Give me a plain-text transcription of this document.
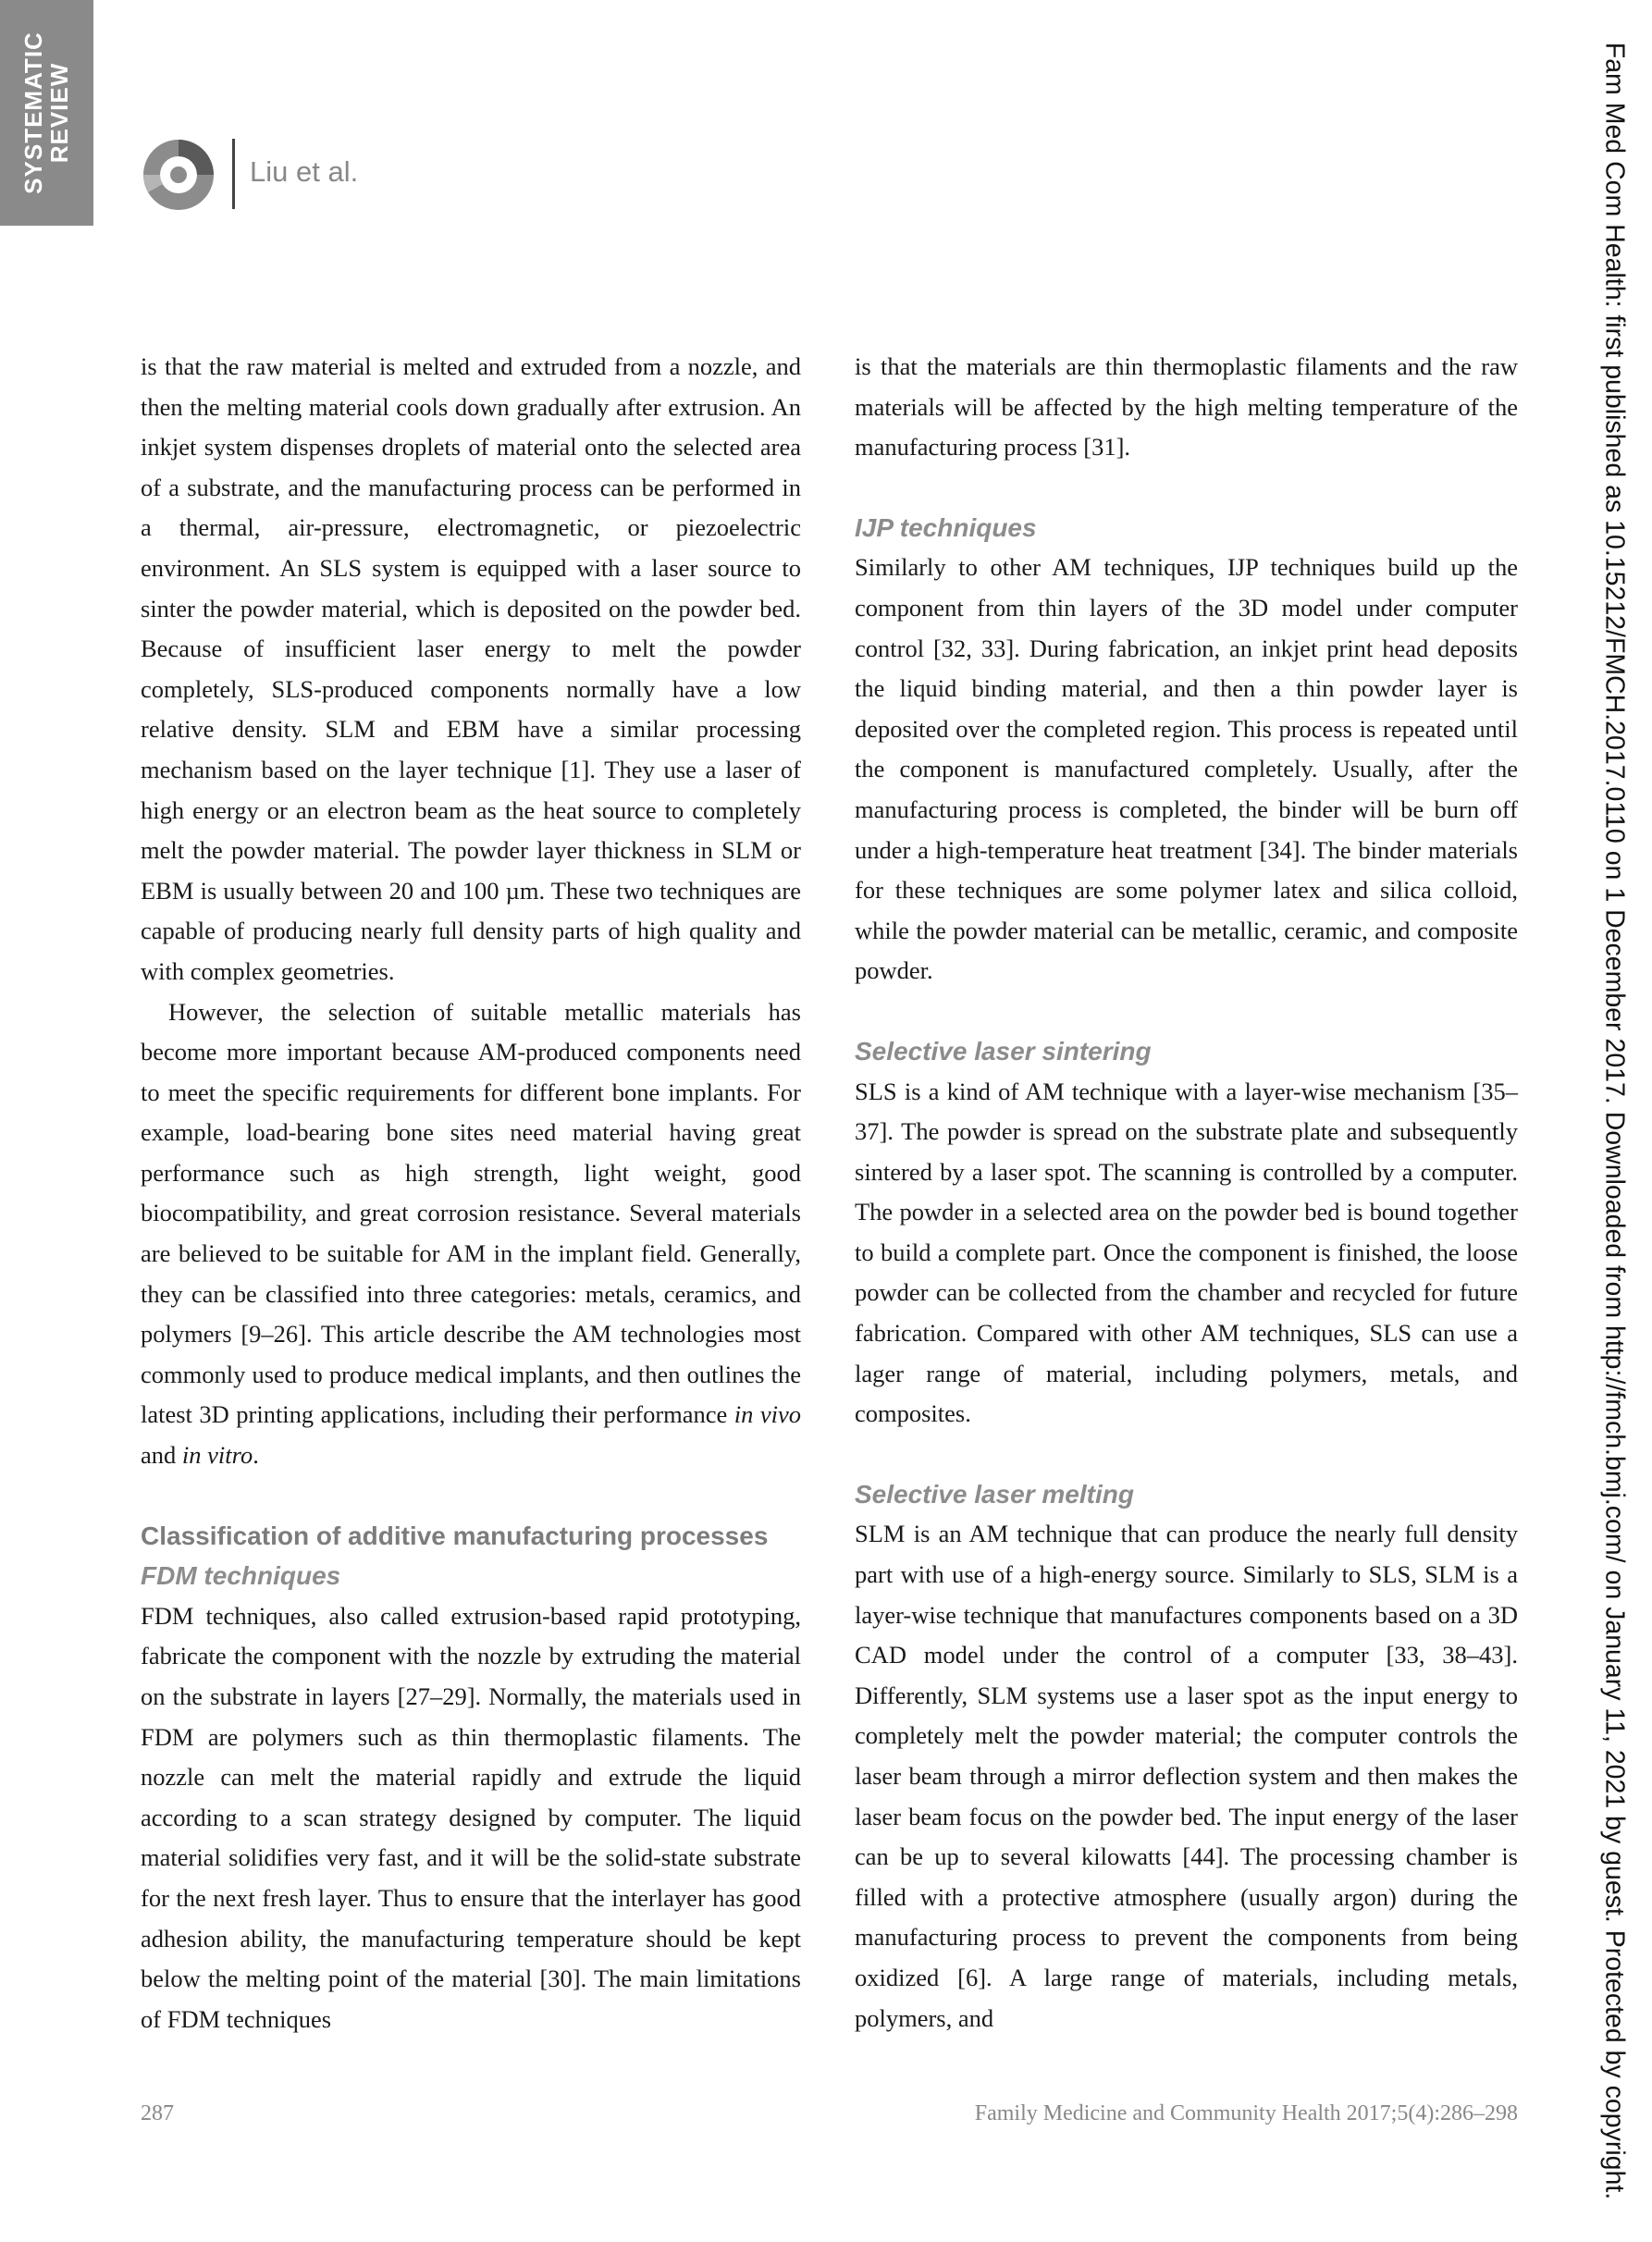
SYSTEMATIC
REVIEW
Liu et al.

is that the raw material is melted and extruded from a nozzle, and then the melting material cools down gradually after extrusion. An inkjet system dispenses droplets of material onto the selected area of a substrate, and the manufacturing process can be performed in a thermal, air-pressure, electromagnetic, or piezoelectric environment. An SLS system is equipped with a laser source to sinter the powder material, which is deposited on the powder bed. Because of insufficient laser energy to melt the powder completely, SLS-produced components normally have a low relative density. SLM and EBM have a similar processing mechanism based on the layer technique [1]. They use a laser of high energy or an electron beam as the heat source to completely melt the powder material. The powder layer thickness in SLM or EBM is usually between 20 and 100 µm. These two techniques are capable of producing nearly full density parts of high quality and with complex geometries.

However, the selection of suitable metallic materials has become more important because AM-produced components need to meet the specific requirements for different bone implants. For example, load-bearing bone sites need material having great performance such as high strength, light weight, good biocompatibility, and great corrosion resistance. Several materials are believed to be suitable for AM in the implant field. Generally, they can be classified into three categories: metals, ceramics, and polymers [9–26]. This article describe the AM technologies most commonly used to produce medical implants, and then outlines the latest 3D printing applications, including their performance in vivo and in vitro.

Classification of additive manufacturing processes
FDM techniques

FDM techniques, also called extrusion-based rapid prototyping, fabricate the component with the nozzle by extruding the material on the substrate in layers [27–29]. Normally, the materials used in FDM are polymers such as thin thermoplastic filaments. The nozzle can melt the material rapidly and extrude the liquid according to a scan strategy designed by computer. The liquid material solidifies very fast, and it will be the solid-state substrate for the next fresh layer. Thus to ensure that the interlayer has good adhesion ability, the manufacturing temperature should be kept below the melting point of the material [30]. The main limitations of FDM techniques

is that the materials are thin thermoplastic filaments and the raw materials will be affected by the high melting temperature of the manufacturing process [31].

IJP techniques

Similarly to other AM techniques, IJP techniques build up the component from thin layers of the 3D model under computer control [32, 33]. During fabrication, an inkjet print head deposits the liquid binding material, and then a thin powder layer is deposited over the completed region. This process is repeated until the component is manufactured completely. Usually, after the manufacturing process is completed, the binder will be burn off under a high-temperature heat treatment [34]. The binder materials for these techniques are some polymer latex and silica colloid, while the powder material can be metallic, ceramic, and composite powder.

Selective laser sintering

SLS is a kind of AM technique with a layer-wise mechanism [35–37]. The powder is spread on the substrate plate and subsequently sintered by a laser spot. The scanning is controlled by a computer. The powder in a selected area on the powder bed is bound together to build a complete part. Once the component is finished, the loose powder can be collected from the chamber and recycled for future fabrication. Compared with other AM techniques, SLS can use a lager range of material, including polymers, metals, and composites.

Selective laser melting

SLM is an AM technique that can produce the nearly full density part with use of a high-energy source. Similarly to SLS, SLM is a layer-wise technique that manufactures components based on a 3D CAD model under the control of a computer [33, 38–43]. Differently, SLM systems use a laser spot as the input energy to completely melt the powder material; the computer controls the laser beam through a mirror deflection system and then makes the laser beam focus on the powder bed. The input energy of the laser can be up to several kilowatts [44]. The processing chamber is filled with a protective atmosphere (usually argon) during the manufacturing process to prevent the components from being oxidized [6]. A large range of materials, including metals, polymers, and

287	Family Medicine and Community Health 2017;5(4):286–298	Fam Med Com Health: first published as 10.15212/FMCH.2017.0110 on 1 December 2017. Downloaded from http://fmch.bmj.com/ on January 11, 2021 by guest. Protected by copyright.
